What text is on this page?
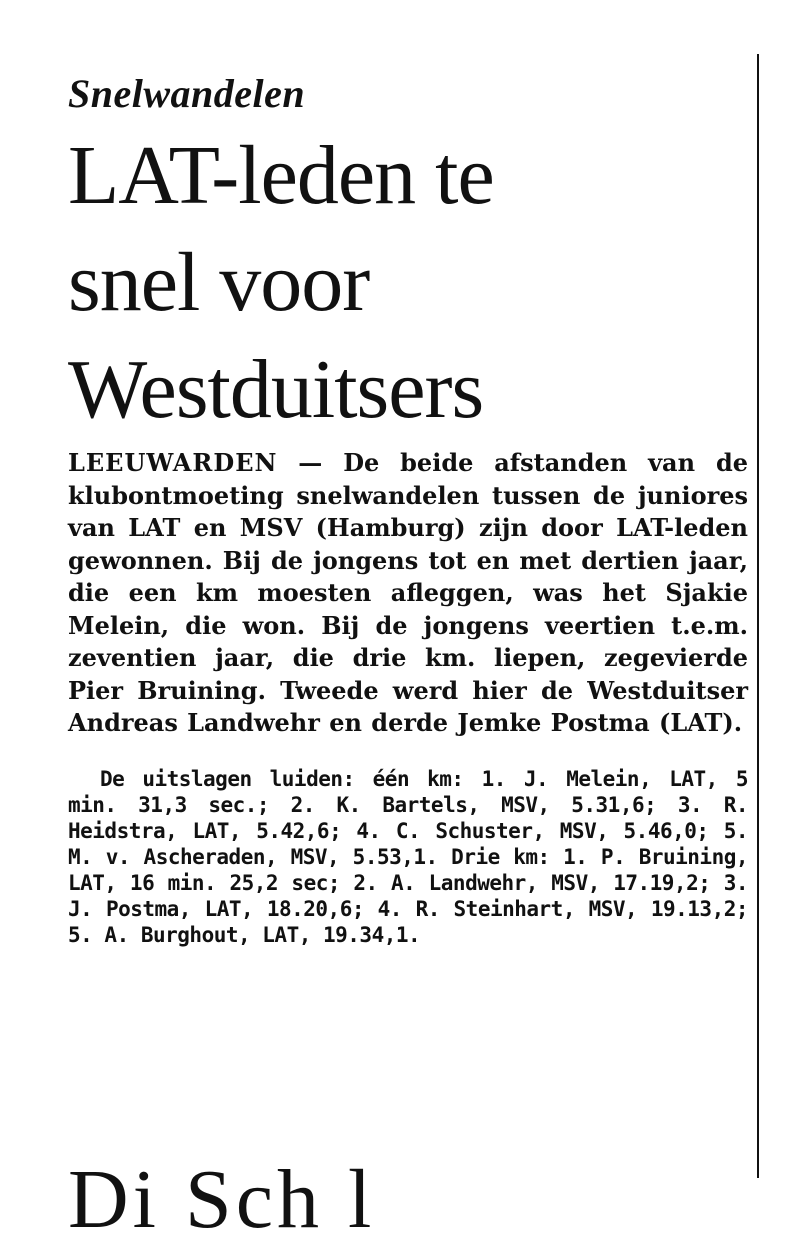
Snelwandelen
LAT-leden te
snel voor
Westduitsers

LEEUWARDEN — De beide afstanden van de klubontmoeting snelwandelen tussen de juniores van LAT en MSV (Hamburg) zijn door LAT-leden gewonnen. Bij de jongens tot en met dertien jaar, die een km moesten afleggen, was het Sjakie Melein, die won. Bij de jongens veertien t.e.m. zeventien jaar, die drie km. liepen, zegevierde Pier Bruining. Tweede werd hier de Westduitser Andreas Landwehr en derde Jemke Postma (LAT).

De uitslagen luiden: één km: 1. J. Melein, LAT, 5 min. 31,3 sec.; 2. K. Bartels, MSV, 5.31,6; 3. R. Heidstra, LAT, 5.42,6; 4. C. Schuster, MSV, 5.46,0; 5. M. v. Ascheraden, MSV, 5.53,1. Drie km: 1. P. Bruining, LAT, 16 min. 25,2 sec; 2. A. Landwehr, MSV, 17.19,2; 3. J. Postma, LAT, 18.20,6; 4. R. Steinhart, MSV, 19.13,2; 5. A. Burghout, LAT, 19.34,1.

Di Sch l
